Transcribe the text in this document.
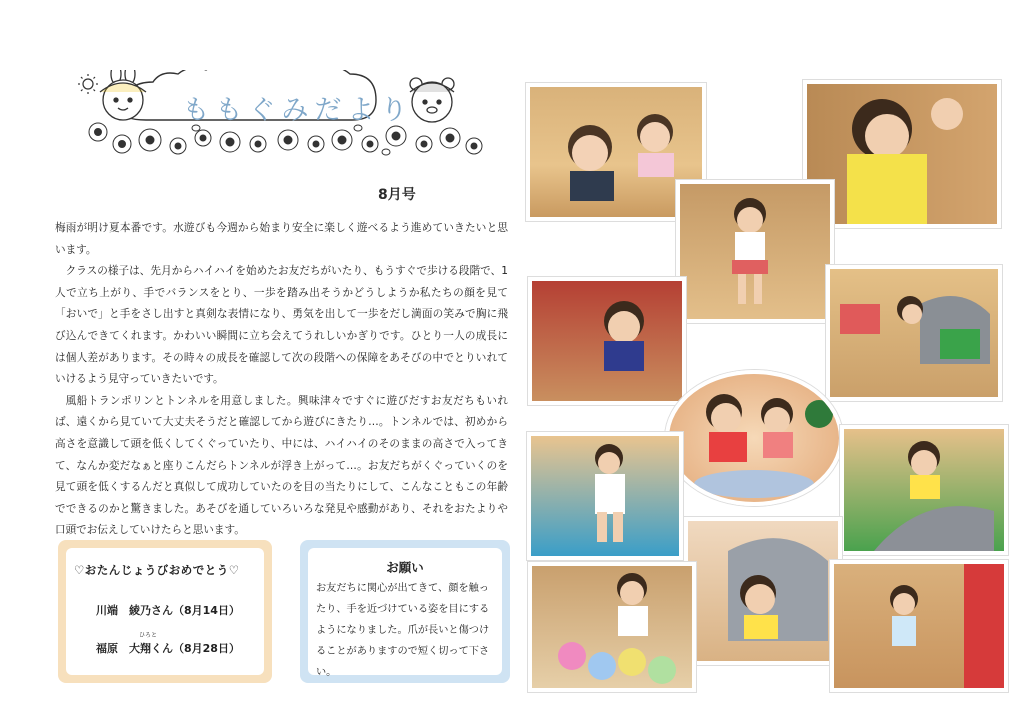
ももぐみだより
8月号

梅雨が明け夏本番です。水遊びも今週から始まり安全に楽しく遊べるよう進めていきたいと思います。

クラスの様子は、先月からハイハイを始めたお友だちがいたり、もうすぐで歩ける段階で、1人で立ち上がり、手でバランスをとり、一歩を踏み出そうかどうしようか私たちの顔を見て「おいで」と手をさし出すと真剣な表情になり、勇気を出して一歩をだし満面の笑みで胸に飛び込んできてくれます。かわいい瞬間に立ち会えてうれしいかぎりです。ひとり一人の成長には個人差があります。その時々の成長を確認して次の段階への保障をあそびの中でとりいれていけるよう見守っていきたいです。

風船トランポリンとトンネルを用意しました。興味津々ですぐに遊びだすお友だちもいれば、遠くから見ていて大丈夫そうだと確認してから遊びにきたり…。トンネルでは、初めから高さを意識して頭を低くしてくぐっていたり、中には、ハイハイのそのままの高さで入ってきて、なんか変だなぁと座りこんだらトンネルが浮き上がって…。お友だちがくぐっていくのを見て頭を低くするんだと真似して成功していたのを目の当たりにして、こんなこともこの年齢でできるのかと驚きました。あそびを通していろいろな発見や感動があり、それをおたよりや口頭でお伝えしていけたらと思います。

♡おたんじょうびおめでとう♡
川端　綾乃さん（8月14日）
福原　大翔くん（8月28日）
ひろと
お願い
お友だちに関心が出てきて、顔を触ったり、手を近づけている姿を目にするようになりました。爪が長いと傷つけることがありますので短く切って下さい。
